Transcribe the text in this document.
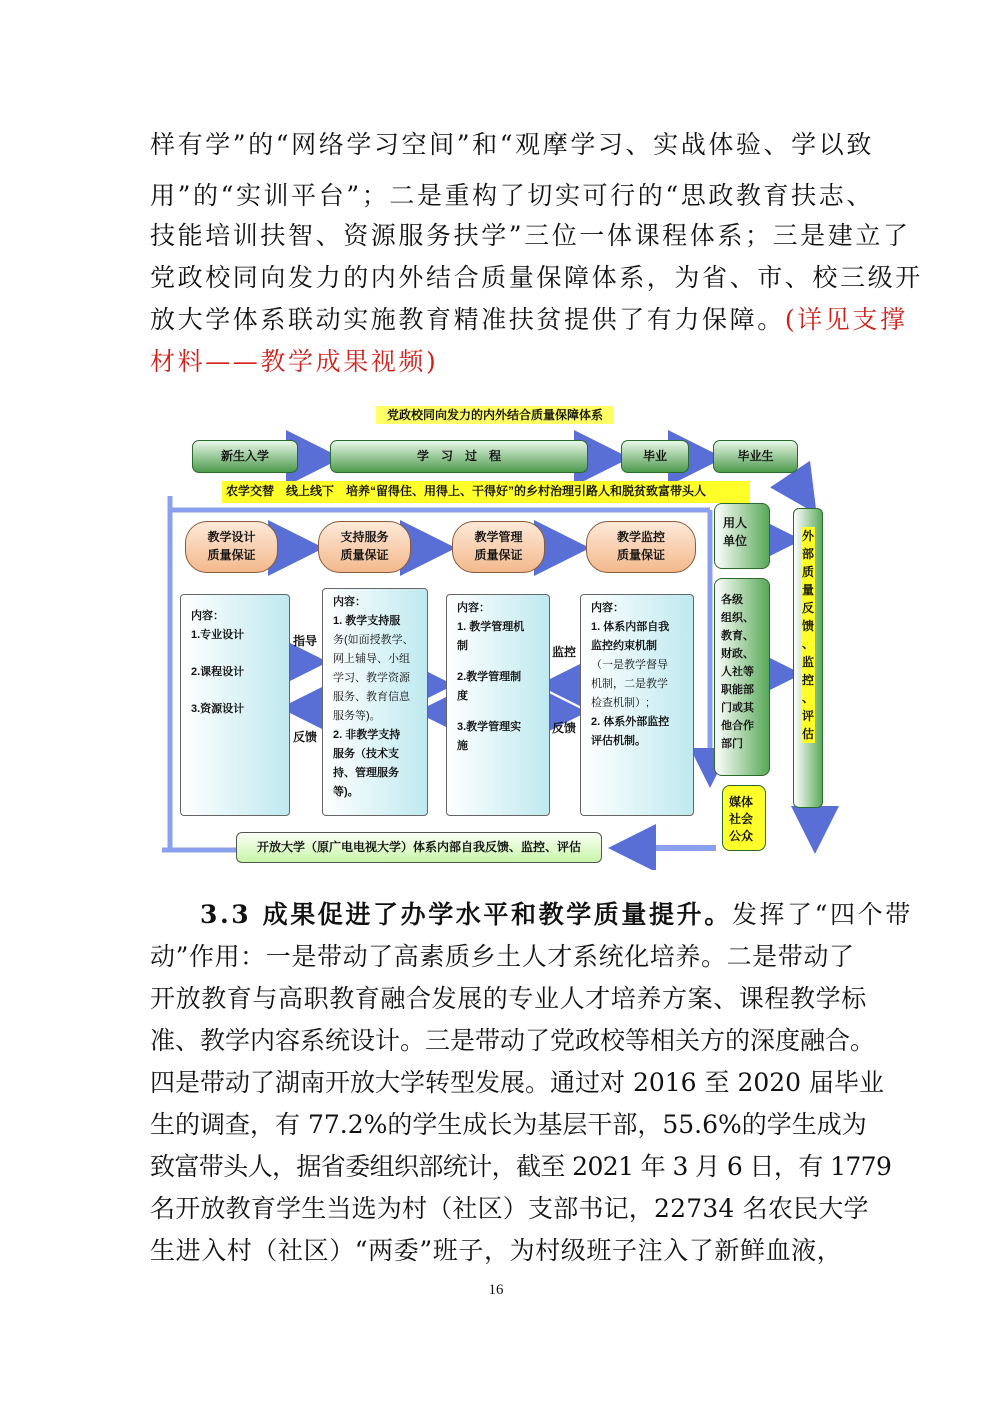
样有学”的“网络学习空间”和“观摩学习、实战体验、学以致
用”的“实训平台”；二是重构了切实可行的“思政教育扶志、
技能培训扶智、资源服务扶学”三位一体课程体系；三是建立了
党政校同向发力的内外结合质量保障体系，为省、市、校三级开
放大学体系联动实施教育精准扶贫提供了有力保障。(详见支撑
材料——教学成果视频)
党政校同向发力的内外结合质量保障体系
新生入学	学　习　过　程	毕业	毕业生
农学交替　线上线下　培养“留得住、用得上、干得好”的乡村治理引路人和脱贫致富带头人
教学设计
质量保证
支持服务
质量保证
教学管理
质量保证
教学监控
质量保证
内容：
1.专业设计
2.课程设计
3.资源设计
内容：
1. 教学支持服
务(如面授教学、
网上辅导、小组
学习、教学资源
服务、教育信息
服务等)。
2. 非教学支持
服务（技术支
持、管理服务
等)。
内容：
1. 教学管理机
制
2.教学管理制
度
3.教学管理实
施
内容：
1. 体系内部自我
监控约束机制
（一是教学督导
机制，二是教学
检查机制）;
2. 体系外部监控
评估机制。
指导
反馈
监控
反馈
用人
单位
各级
组织、
教育、
财政、
人社等
职能部
门或其
他合作
部门
媒体
社会
公众
外
部
质
量
反
馈
、
监
控
、
评
估
开放大学（原广电电视大学）体系内部自我反馈、监控、评估
3.3 成果促进了办学水平和教学质量提升。发挥了“四个带
动”作用：一是带动了高素质乡土人才系统化培养。二是带动了
开放教育与高职教育融合发展的专业人才培养方案、课程教学标
准、教学内容系统设计。三是带动了党政校等相关方的深度融合。
四是带动了湖南开放大学转型发展。通过对 2016 至 2020 届毕业
生的调查，有 77.2%的学生成长为基层干部，55.6%的学生成为
致富带头人，据省委组织部统计，截至 2021 年 3 月 6 日，有 1779
名开放教育学生当选为村（社区）支部书记，22734 名农民大学
生进入村（社区）“两委”班子，为村级班子注入了新鲜血液，
16
